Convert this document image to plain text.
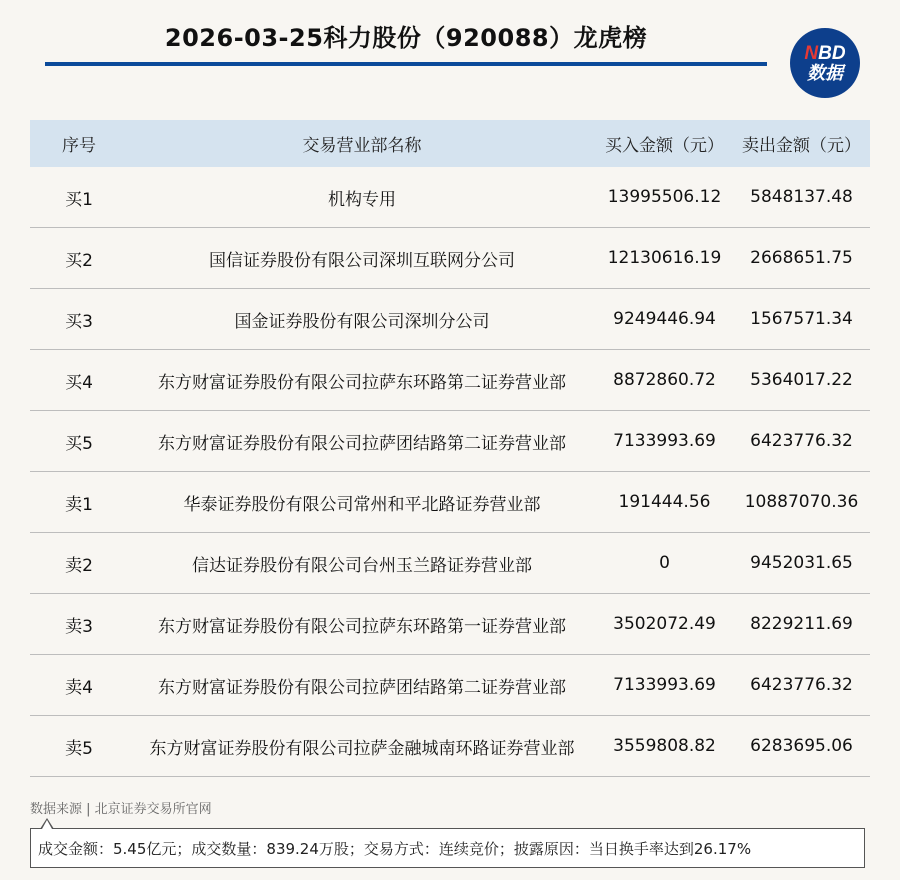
2026-03-25科力股份（920088）龙虎榜
NBD
数据
序号	交易营业部名称	买入金额（元）	卖出金额（元）
买1	机构专用	13995506.12	5848137.48
买2	国信证券股份有限公司深圳互联网分公司	12130616.19	2668651.75
买3	国金证券股份有限公司深圳分公司	9249446.94	1567571.34
买4	东方财富证券股份有限公司拉萨东环路第二证券营业部	8872860.72	5364017.22
买5	东方财富证券股份有限公司拉萨团结路第二证券营业部	7133993.69	6423776.32
卖1	华泰证券股份有限公司常州和平北路证券营业部	191444.56	10887070.36
卖2	信达证券股份有限公司台州玉兰路证券营业部	0	9452031.65
卖3	东方财富证券股份有限公司拉萨东环路第一证券营业部	3502072.49	8229211.69
卖4	东方财富证券股份有限公司拉萨团结路第二证券营业部	7133993.69	6423776.32
卖5	东方财富证券股份有限公司拉萨金融城南环路证券营业部	3559808.82	6283695.06
数据来源 | 北京证券交易所官网
成交金额：5.45亿元；成交数量：839.24万股；交易方式：连续竞价；披露原因：当日换手率达到26.17%
